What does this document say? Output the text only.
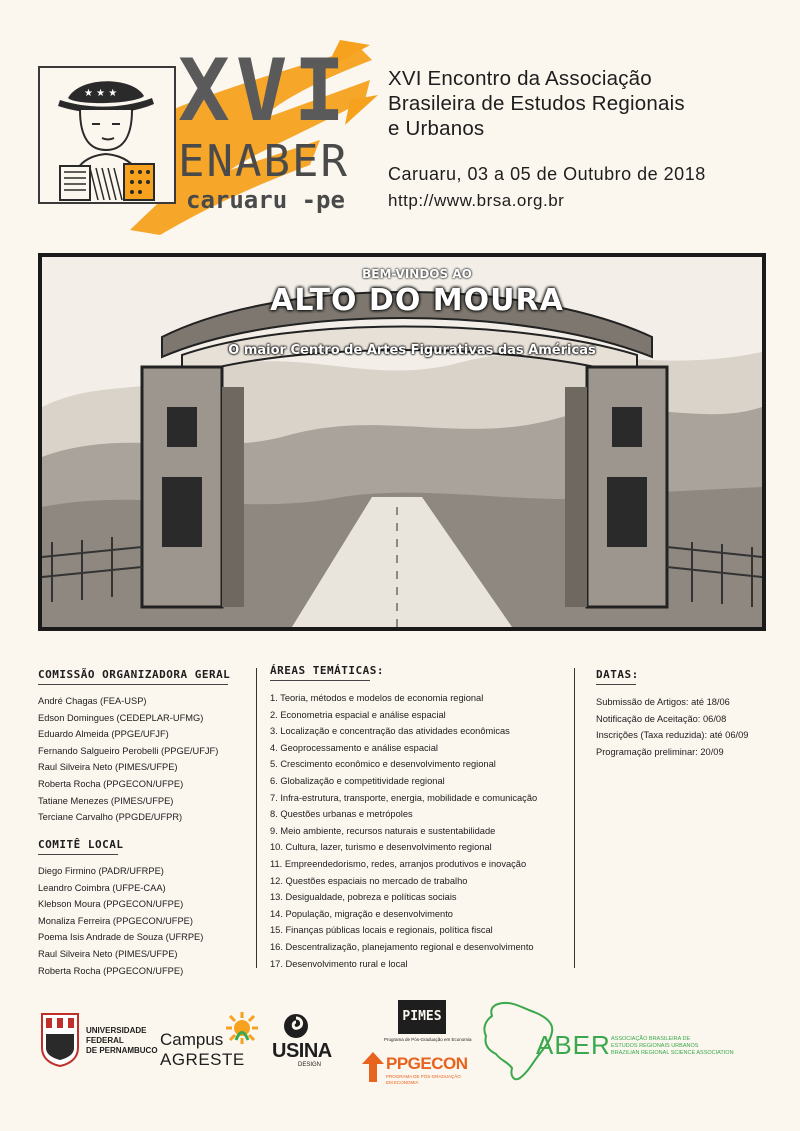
★ ★ ★ XVI
ENABER
caruaru -pe
XVI Encontro da Associação
Brasileira de Estudos Regionais
e Urbanos
Caruaru, 03 a 05 de Outubro de 2018
http://www.brsa.org.br
BEM-VINDOS AO
ALTO DO MOURA
O maior Centro de Artes Figurativas das Américas
COMISSÃO ORGANIZADORA GERAL
André Chagas (FEA-USP)
Edson Domingues (CEDEPLAR-UFMG)
Eduardo Almeida (PPGE/UFJF)
Fernando Salgueiro Perobelli (PPGE/UFJF)
Raul Silveira Neto (PIMES/UFPE)
Roberta Rocha (PPGECON/UFPE)
Tatiane Menezes (PIMES/UFPE)
Terciane Carvalho (PPGDE/UFPR)
COMITÊ LOCAL
Diego Firmino (PADR/UFRPE)
Leandro Coimbra (UFPE-CAA)
Klebson Moura (PPGECON/UFPE)
Monaliza Ferreira (PPGECON/UFPE)
Poema Isis Andrade de Souza (UFRPE)
Raul Silveira Neto (PIMES/UFPE)
Roberta Rocha (PPGECON/UFPE)
ÁREAS TEMÁTICAS:
1. Teoria, métodos e modelos de economia regional
2. Econometria espacial e análise espacial
3. Localização e concentração das atividades econômicas
4. Geoprocessamento e análise espacial
5. Crescimento econômico e desenvolvimento regional
6. Globalização e competitividade regional
7. Infra-estrutura, transporte, energia, mobilidade e comunicação
8. Questões urbanas e metrópoles
9. Meio ambiente, recursos naturais e sustentabilidade
10. Cultura, lazer, turismo e desenvolvimento regional
11. Empreendedorismo, redes, arranjos produtivos e inovação
12. Questões espaciais no mercado de trabalho
13. Desigualdade, pobreza e políticas sociais
14. População, migração e desenvolvimento
15. Finanças públicas locais e regionais, política fiscal
16. Descentralização, planejamento regional e desenvolvimento
17. Desenvolvimento rural e local
DATAS:
Submissão de Artigos: até 18/06
Notificação de Aceitação: 06/08
Inscrições (Taxa reduzida): até 06/09
Programação preliminar: 20/09
UNIVERSIDADE
FEDERAL
DE PERNAMBUCO
Campus
AGRESTE USINA
DESIGN
PIMES
Programa de Pós-Graduação em Economia
PPGECON
PROGRAMA DE PÓS-GRADUAÇÃO EM ECONOMIA
ABER ASSOCIAÇÃO BRASILEIRA DE
ESTUDOS REGIONAIS URBANOS
BRAZILIAN REGIONAL SCIENCE ASSOCIATION
